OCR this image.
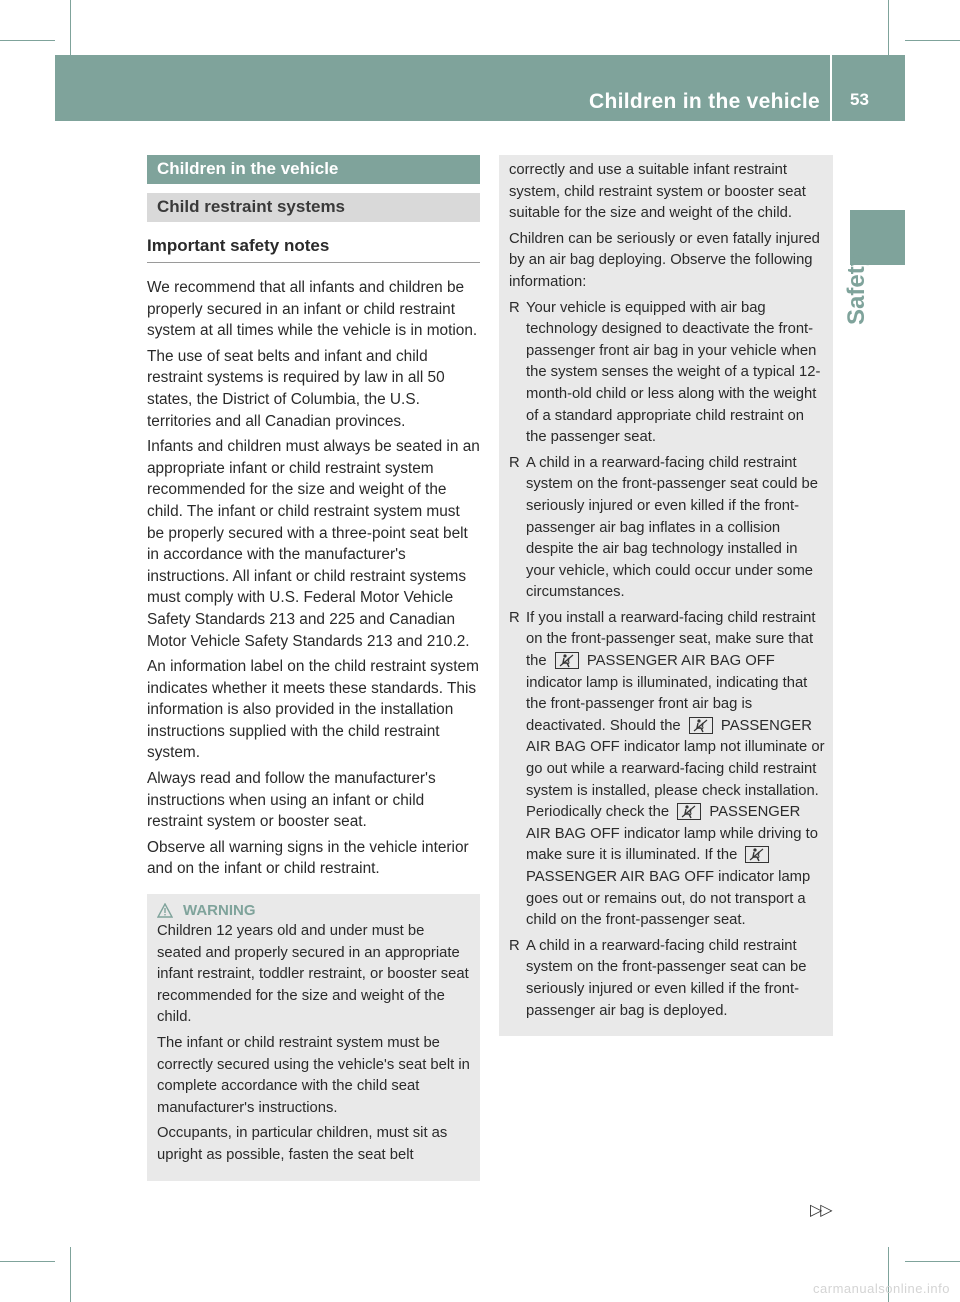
Children in the vehicle 53
Safety
Children in the vehicle
Child restraint systems
Important safety notes

We recommend that all infants and children be properly secured in an infant or child restraint system at all times while the vehicle is in motion.

The use of seat belts and infant and child restraint systems is required by law in all 50 states, the District of Columbia, the U.S. territories and all Canadian provinces.

Infants and children must always be seated in an appropriate infant or child restraint system recommended for the size and weight of the child. The infant or child restraint system must be properly secured with a three-point seat belt in accordance with the manufacturer's instructions. All infant or child restraint systems must comply with U.S. Federal Motor Vehicle Safety Standards 213 and 225 and Canadian Motor Vehicle Safety Standards 213 and 210.2.

An information label on the child restraint system indicates whether it meets these standards. This information is also provided in the installation instructions supplied with the child restraint system.

Always read and follow the manufacturer's instructions when using an infant or child restraint system or booster seat.

Observe all warning signs in the vehicle interior and on the infant or child restraint.

WARNING

Children 12 years old and under must be seated and properly secured in an appropriate infant restraint, toddler restraint, or booster seat recommended for the size and weight of the child.

The infant or child restraint system must be correctly secured using the vehicle's seat belt in complete accordance with the child seat manufacturer's instructions.

Occupants, in particular children, must sit as upright as possible, fasten the seat belt

correctly and use a suitable infant restraint system, child restraint system or booster seat suitable for the size and weight of the child.

Children can be seriously or even fatally injured by an air bag deploying. Observe the following information:

R Your vehicle is equipped with air bag technology designed to deactivate the front-passenger front air bag in your vehicle when the system senses the weight of a typical 12-month-old child or less along with the weight of a standard appropriate child restraint on the passenger seat.

R A child in a rearward-facing child restraint system on the front-passenger seat could be seriously injured or even killed if the front-passenger air bag inflates in a collision despite the air bag technology installed in your vehicle, which could occur under some circumstances.

R If you install a rearward-facing child restraint on the front-passenger seat, make sure that the	PASSENGER AIR BAG OFF indicator lamp is illuminated, indicating that the front-passenger front air bag is deactivated. Should the	PASSENGER AIR BAG OFF indicator lamp not illuminate or go out while a rearward-facing child restraint system is installed, please check installation. Periodically check the	PASSENGER AIR BAG OFF indicator lamp while driving to make sure it is illuminated. If the  PASSENGER AIR BAG OFF indicator lamp goes out or remains out, do not transport a child on the front-passenger seat.

R A child in a rearward-facing child restraint system on the front-passenger seat can be seriously injured or even killed if the front-passenger air bag is deployed.

▷▷
carmanualsonline.info
